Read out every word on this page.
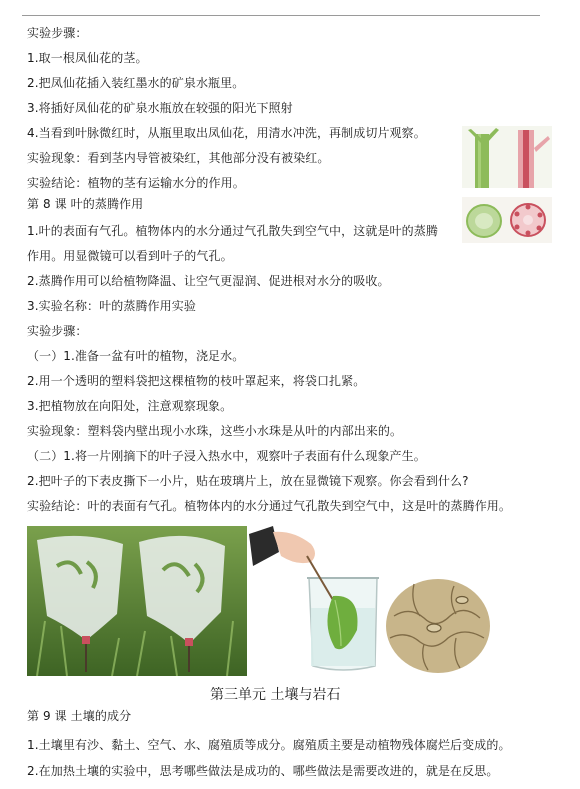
实验步骤：
1.取一根凤仙花的茎。
2.把凤仙花插入装红墨水的矿泉水瓶里。
3.将插好凤仙花的矿泉水瓶放在较强的阳光下照射
4.当看到叶脉微红时，从瓶里取出凤仙花，用清水冲洗，再制成切片观察。
实验现象：看到茎内导管被染红，其他部分没有被染红。
实验结论：植物的茎有运输水分的作用。
第 8 课 叶的蒸腾作用
1.叶的表面有气孔。植物体内的水分通过气孔散失到空气中，这就是叶的蒸腾
作用。用显微镜可以看到叶子的气孔。
2.蒸腾作用可以给植物降温、让空气更湿润、促进根对水分的吸收。
3.实验名称：叶的蒸腾作用实验
实验步骤：
（一）1.准备一盆有叶的植物，浇足水。
2.用一个透明的塑料袋把这棵植物的枝叶罩起来，将袋口扎紧。
3.把植物放在向阳处，注意观察现象。
实验现象：塑料袋内壁出现小水珠，这些小水珠是从叶的内部出来的。
（二）1.将一片刚摘下的叶子浸入热水中，观察叶子表面有什么现象产生。
2.把叶子的下表皮撕下一小片，贴在玻璃片上，放在显微镜下观察。你会看到什么?
实验结论：叶的表面有气孔。植物体内的水分通过气孔散失到空气中，这是叶的蒸腾作用。
第三单元 土壤与岩石
第 9 课 土壤的成分
1.土壤里有沙、黏土、空气、水、腐殖质等成分。腐殖质主要是动植物残体腐烂后变成的。
2.在加热土壤的实验中，思考哪些做法是成功的、哪些做法是需要改进的，就是在反思。
